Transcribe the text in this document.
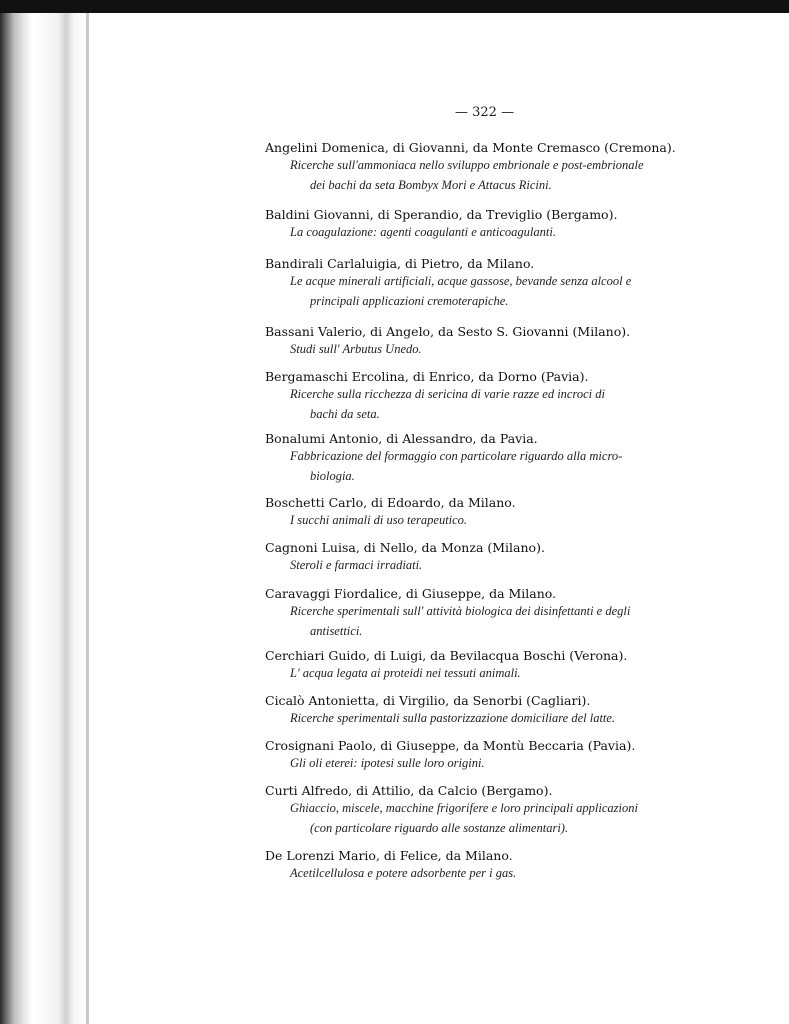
— 322 —
Angelini Domenica, di Giovanni, da Monte Cremasco (Cremona).
Ricerche sull'ammoniaca nello sviluppo embrionale e post-embrionale
dei bachi da seta Bombyx Mori e Attacus Ricini.
Baldini Giovanni, di Sperandio, da Treviglio (Bergamo).
La coagulazione: agenti coagulanti e anticoagulanti.
Bandirali Carlaluigia, di Pietro, da Milano.
Le acque minerali artificiali, acque gassose, bevande senza alcool e
principali applicazioni cremoterapiche.
Bassani Valerio, di Angelo, da Sesto S. Giovanni (Milano).
Studi sull' Arbutus Unedo.
Bergamaschi Ercolina, di Enrico, da Dorno (Pavia).
Ricerche sulla ricchezza di sericina di varie razze ed incroci di
bachi da seta.
Bonalumi Antonio, di Alessandro, da Pavia.
Fabbricazione del formaggio con particolare riguardo alla micro-
biologia.
Boschetti Carlo, di Edoardo, da Milano.
I succhi animali di uso terapeutico.
Cagnoni Luisa, di Nello, da Monza (Milano).
Steroli e farmaci irradiati.
Caravaggi Fiordalice, di Giuseppe, da Milano.
Ricerche sperimentali sull' attività biologica dei disinfettanti e degli
antisettici.
Cerchiari Guido, di Luigi, da Bevilacqua Boschi (Verona).
L' acqua legata ai proteidi nei tessuti animali.
Cicalò Antonietta, di Virgilio, da Senorbi (Cagliari).
Ricerche sperimentali sulla pastorizzazione domiciliare del latte.
Crosignani Paolo, di Giuseppe, da Montù Beccaria (Pavia).
Gli oli eterei: ipotesi sulle loro origini.
Curti Alfredo, di Attilio, da Calcio (Bergamo).
Ghiaccio, miscele, macchine frigorifere e loro principali applicazioni
(con particolare riguardo alle sostanze alimentari).
De Lorenzi Mario, di Felice, da Milano.
Acetilcellulosa e potere adsorbente per i gas.
